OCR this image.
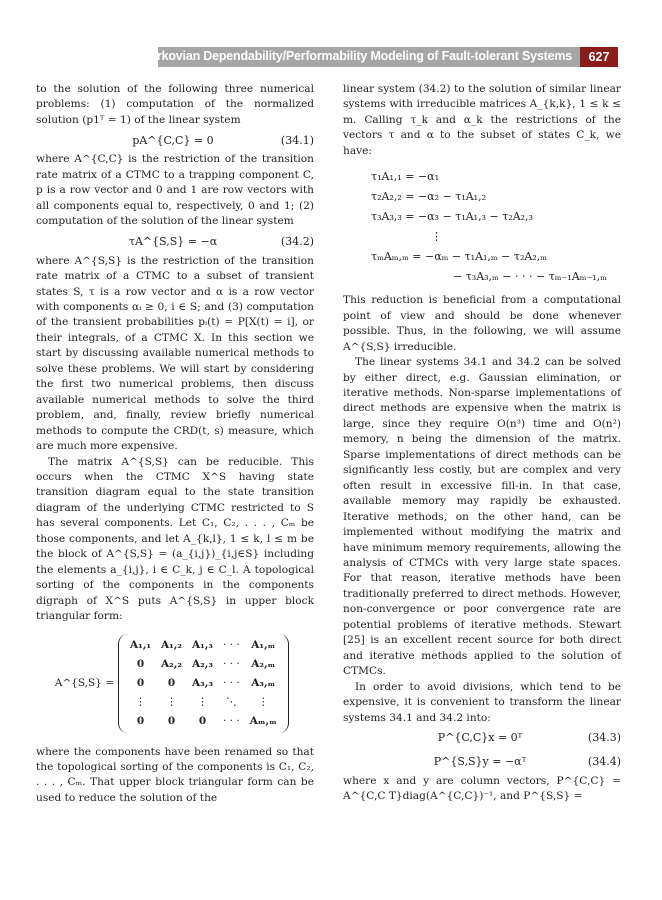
Markovian Dependability/Performability Modeling of Fault-tolerant Systems	627

to the solution of the following three numerical problems: (1) computation of the normalized solution (p1ᵀ = 1) of the linear system

pA^{C,C} = 0	(34.1)

where A^{C,C} is the restriction of the transition rate matrix of a CTMC to a trapping component C, p is a row vector and 0 and 1 are row vectors with all components equal to, respectively, 0 and 1; (2) computation of the solution of the linear system

τA^{S,S} = −α	(34.2)

where A^{S,S} is the restriction of the transition rate matrix of a CTMC to a subset of transient states S, τ is a row vector and α is a row vector with components αᵢ ≥ 0, i ∈ S; and (3) computation of the transient probabilities pᵢ(t) = P[X(t) = i], or their integrals, of a CTMC X. In this section we start by discussing available numerical methods to solve these problems. We will start by considering the first two numerical problems, then discuss available numerical methods to solve the third problem, and, finally, review briefly numerical methods to compute the CRD(t, s) measure, which are much more expensive.

The matrix A^{S,S} can be reducible. This occurs when the CTMC X^S having state transition diagram equal to the state transition diagram of the underlying CTMC restricted to S has several components. Let C₁, C₂, . . . , Cₘ be those components, and let A_{k,l}, 1 ≤ k, l ≤ m be the block of A^{S,S} = (a_{i,j})_{i,j∈S} including the elements a_{i,j}, i ∈ C_k, j ∈ C_l. A topological sorting of the components in the components digraph of X^S puts A^{S,S} in upper block triangular form:

A^{S,S} =
A₁,₁	A₁,₂	A₁,₃	· · ·	A₁,ₘ
0	A₂,₂	A₂,₃	· · ·	A₂,ₘ
0	0	A₃,₃	· · ·	A₃,ₘ
⋮	⋮	⋮	⋱	⋮
0	0	0	· · ·	Aₘ,ₘ

where the components have been renamed so that the topological sorting of the components is C₁, C₂, . . . , Cₘ. That upper block triangular form can be used to reduce the solution of the

linear system (34.2) to the solution of similar linear systems with irreducible matrices A_{k,k}, 1 ≤ k ≤ m. Calling τ_k and α_k the restrictions of the vectors τ and α to the subset of states C_k, we have:

τ₁A₁,₁ = −α₁
τ₂A₂,₂ = −α₂ − τ₁A₁,₂
τ₃A₃,₃ = −α₃ − τ₁A₁,₃ − τ₂A₂,₃
⋮
τₘAₘ,ₘ = −αₘ − τ₁A₁,ₘ − τ₂A₂,ₘ
− τ₃A₃,ₘ − · · · − τₘ₋₁Aₘ₋₁,ₘ

This reduction is beneficial from a computational point of view and should be done whenever possible. Thus, in the following, we will assume A^{S,S} irreducible.

The linear systems 34.1 and 34.2 can be solved by either direct, e.g. Gaussian elimination, or iterative methods. Non-sparse implementations of direct methods are expensive when the matrix is large, since they require O(n³) time and O(n²) memory, n being the dimension of the matrix. Sparse implementations of direct methods can be significantly less costly, but are complex and very often result in excessive fill-in. In that case, available memory may rapidly be exhausted. Iterative methods, on the other hand, can be implemented without modifying the matrix and have minimum memory requirements, allowing the analysis of CTMCs with very large state spaces. For that reason, iterative methods have been traditionally preferred to direct methods. However, non-convergence or poor convergence rate are potential problems of iterative methods. Stewart [25] is an excellent recent source for both direct and iterative methods applied to the solution of CTMCs.

In order to avoid divisions, which tend to be expensive, it is convenient to transform the linear systems 34.1 and 34.2 into:

P^{C,C}x = 0ᵀ	(34.3)
P^{S,S}y = −αᵀ	(34.4)

where x and y are column vectors, P^{C,C} = A^{C,C T}diag(A^{C,C})⁻¹, and P^{S,S} =
